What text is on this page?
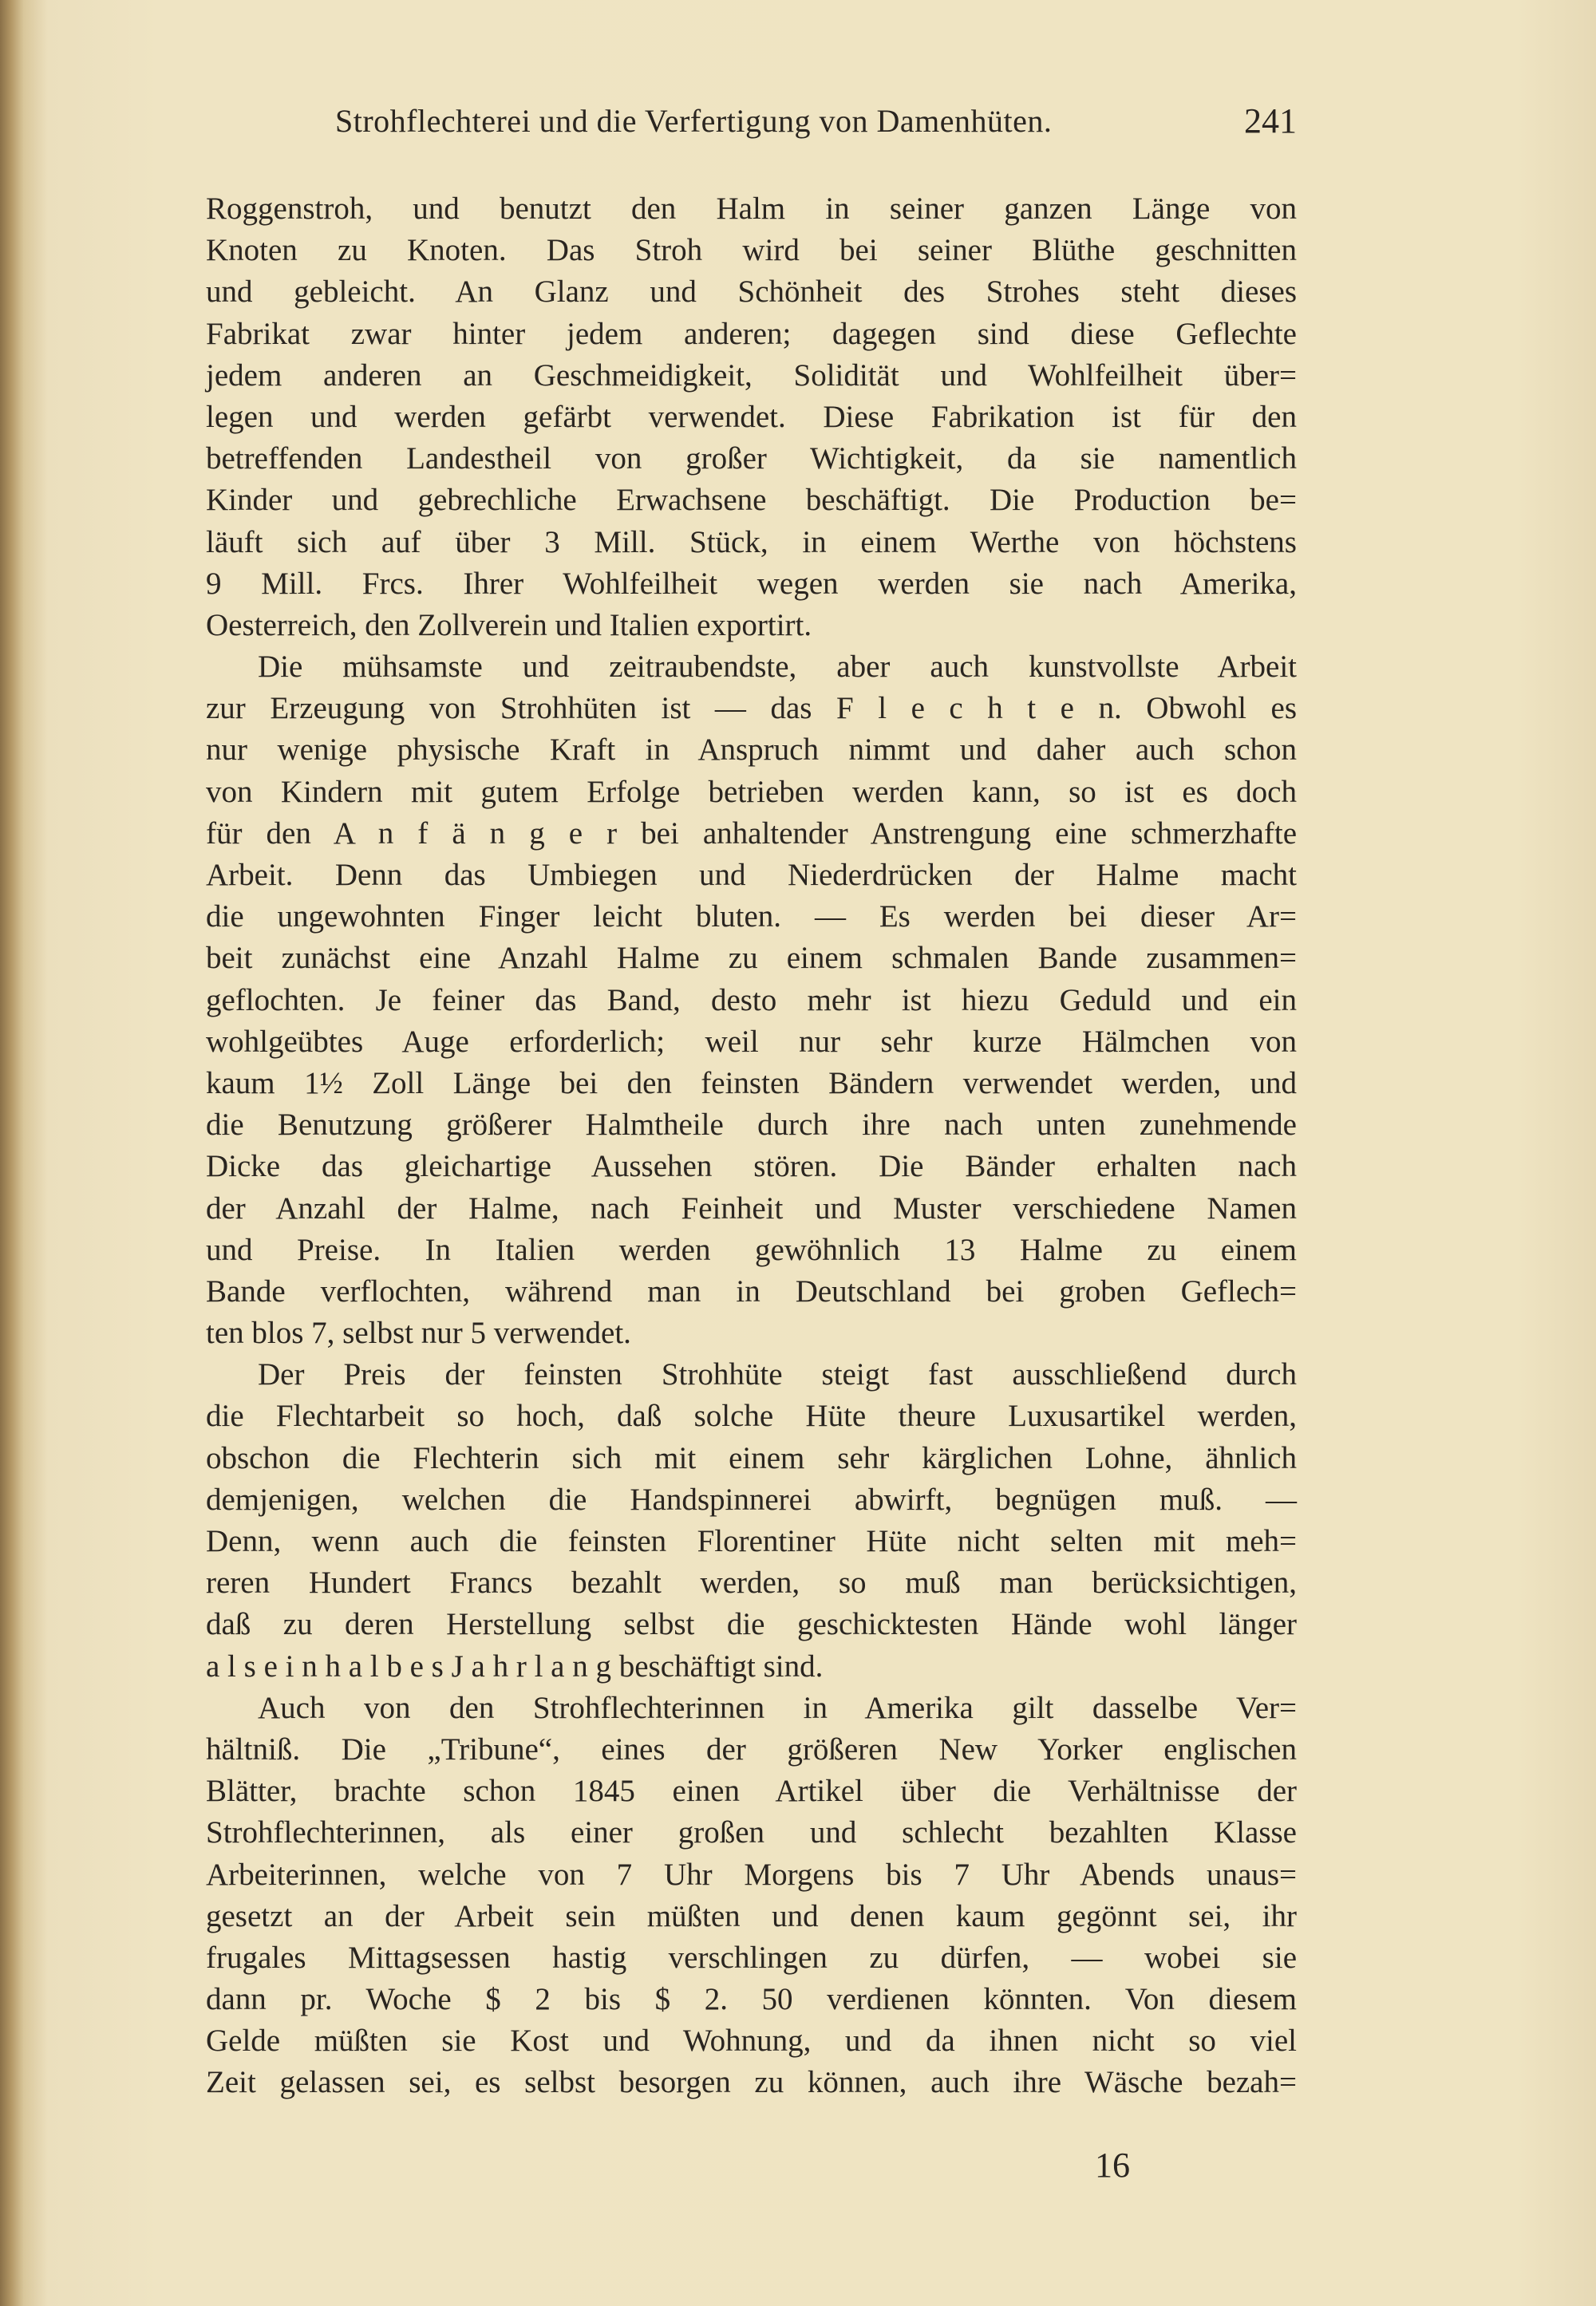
Strohflechterei und die Verfertigung von Damenhüten.	241
Roggenstroh, und benutzt den Halm in seiner ganzen Länge von
Knoten zu Knoten. Das Stroh wird bei seiner Blüthe geschnitten
und gebleicht. An Glanz und Schönheit des Strohes steht dieses
Fabrikat zwar hinter jedem anderen; dagegen sind diese Geflechte
jedem anderen an Geschmeidigkeit, Solidität und Wohlfeilheit über=
legen und werden gefärbt verwendet. Diese Fabrikation ist für den
betreffenden Landestheil von großer Wichtigkeit, da sie namentlich
Kinder und gebrechliche Erwachsene beschäftigt. Die Production be=
läuft sich auf über 3 Mill. Stück, in einem Werthe von höchstens
9 Mill. Frcs. Ihrer Wohlfeilheit wegen werden sie nach Amerika,
Oesterreich, den Zollverein und Italien exportirt.
Die mühsamste und zeitraubendste, aber auch kunstvollste Arbeit
zur Erzeugung von Strohhüten ist — das F l e c h t e n. Obwohl es
nur wenige physische Kraft in Anspruch nimmt und daher auch schon
von Kindern mit gutem Erfolge betrieben werden kann, so ist es doch
für den A n f ä n g e r bei anhaltender Anstrengung eine schmerzhafte
Arbeit. Denn das Umbiegen und Niederdrücken der Halme macht
die ungewohnten Finger leicht bluten. — Es werden bei dieser Ar=
beit zunächst eine Anzahl Halme zu einem schmalen Bande zusammen=
geflochten. Je feiner das Band, desto mehr ist hiezu Geduld und ein
wohlgeübtes Auge erforderlich; weil nur sehr kurze Hälmchen von
kaum 1½ Zoll Länge bei den feinsten Bändern verwendet werden, und
die Benutzung größerer Halmtheile durch ihre nach unten zunehmende
Dicke das gleichartige Aussehen stören. Die Bänder erhalten nach
der Anzahl der Halme, nach Feinheit und Muster verschiedene Namen
und Preise. In Italien werden gewöhnlich 13 Halme zu einem
Bande verflochten, während man in Deutschland bei groben Geflech=
ten blos 7, selbst nur 5 verwendet.
Der Preis der feinsten Strohhüte steigt fast ausschließend durch
die Flechtarbeit so hoch, daß solche Hüte theure Luxusartikel werden,
obschon die Flechterin sich mit einem sehr kärglichen Lohne, ähnlich
demjenigen, welchen die Handspinnerei abwirft, begnügen muß. —
Denn, wenn auch die feinsten Florentiner Hüte nicht selten mit meh=
reren Hundert Francs bezahlt werden, so muß man berücksichtigen,
daß zu deren Herstellung selbst die geschicktesten Hände wohl länger
a l s e i n h a l b e s J a h r l a n g beschäftigt sind.
Auch von den Strohflechterinnen in Amerika gilt dasselbe Ver=
hältniß. Die „Tribune“, eines der größeren New Yorker englischen
Blätter, brachte schon 1845 einen Artikel über die Verhältnisse der
Strohflechterinnen, als einer großen und schlecht bezahlten Klasse
Arbeiterinnen, welche von 7 Uhr Morgens bis 7 Uhr Abends unaus=
gesetzt an der Arbeit sein müßten und denen kaum gegönnt sei, ihr
frugales Mittagsessen hastig verschlingen zu dürfen, — wobei sie
dann pr. Woche $ 2 bis $ 2. 50 verdienen könnten. Von diesem
Gelde müßten sie Kost und Wohnung, und da ihnen nicht so viel
Zeit gelassen sei, es selbst besorgen zu können, auch ihre Wäsche bezah=
16
